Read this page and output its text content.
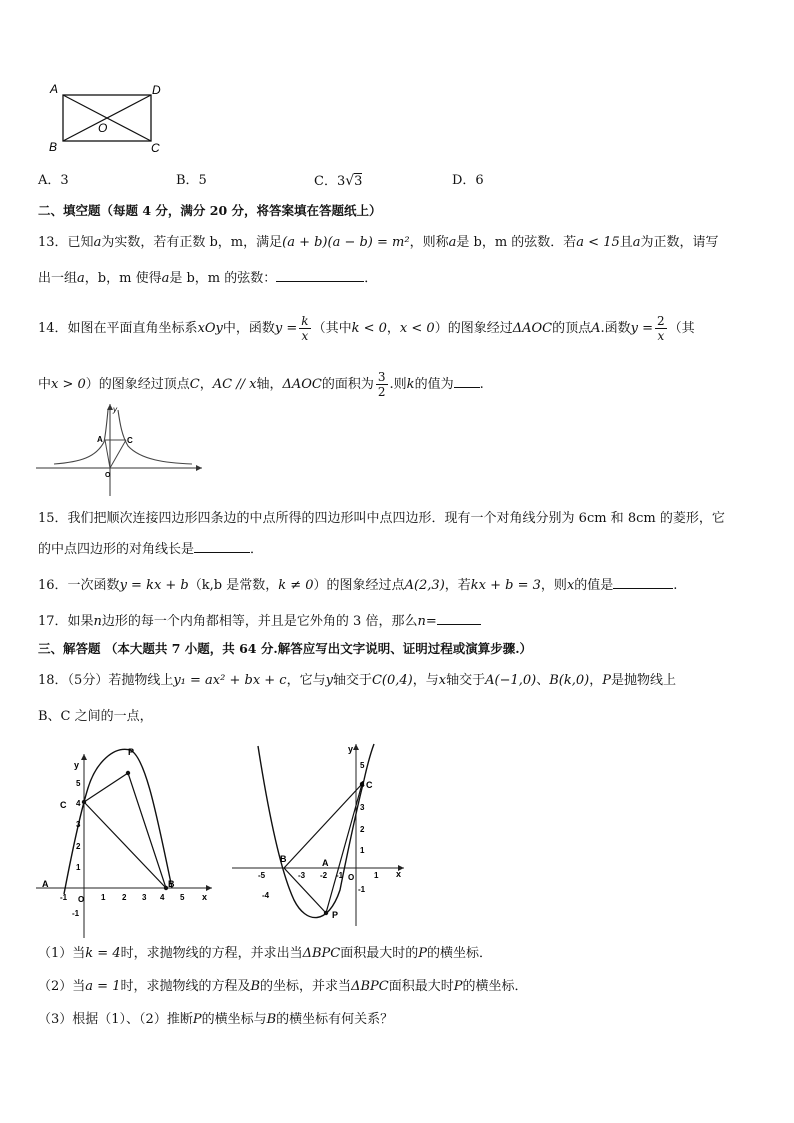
A	D
B	C
O
A．3	B．5	C．3√3	D．6
二、填空题（每题 4 分，满分 20 分，将答案填在答题纸上）
13．已知a为实数，若有正数 b，m，满足(a + b)(a − b) = m²，则称a是 b，m 的弦数．若a < 15且a为正数，请写
出一组a，b，m 使得a是 b，m 的弦数：	．
14．如图在平面直角坐标系xOy中，函数$y = \frac{k}{x}$ （其中k < 0，x < 0）的图象经过ΔAOC的顶点A.函数$y = \frac{2}{x}$ （其
中x > 0）的图象经过顶点C，AC // x轴，ΔAOC的面积为 $\frac{3}{2}$ .则k的值为 .
y
A	C
O
15．我们把顺次连接四边形四条边的中点所得的四边形叫中点四边形．现有一个对角线分别为 6cm 和 8cm 的菱形，它
的中点四边形的对角线长是	．
16．一次函数y = kx + b（k,b 是常数，k ≠ 0）的图象经过点A(2,3)，若kx + b = 3，则x的值是	.
17．如果n边形的每一个内角都相等，并且是它外角的 3 倍，那么n=
三、解答题 （本大题共 7 小题，共 64 分.解答应写出文字说明、证明过程或演算步骤.）
18．（5分）若抛物线上y₁ = ax² + bx + c，它与y轴交于C(0,4)，与x轴交于A(−1,0)、B(k,0)，P是抛物线上
B、C 之间的一点，
y
x
C
P
B
A
O
-1	1 2 3 4 5
5
4
3
2
1
-1
y
x
C
P
B	A
O
-4
-5	-3 -2 -1	1
5
4
3
2
1
-1
（1）当k = 4时，求抛物线的方程，并求出当ΔBPC面积最大时的P的横坐标．
（2）当a = 1时，求抛物线的方程及B的坐标，并求当ΔBPC面积最大时P的横坐标．
（3）根据（1）、（2）推断P的横坐标与B的横坐标有何关系？
